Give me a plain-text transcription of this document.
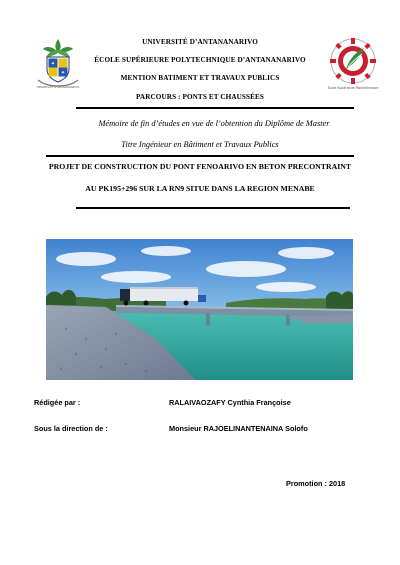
✦
✦
UNIVERSITÉ D'ANTANANARIVO	Ecole Supérieure Polytechnique
UNIVERSITÉ D’ANTANANARIVO
ÉCOLE SUPÉRIEURE POLYTECHNIQUE D’ANTANANARIVO
MENTION BATIMENT ET TRAVAUX PUBLICS
PARCOURS : PONTS ET CHAUSSÉES
Mémoire de fin d’études en vue de l’obtention du Diplôme de Master
Titre Ingénieur en Bâtiment et Travaux Publics
PROJET DE CONSTRUCTION DU PONT FENOARIVO EN BETON PRECONTRAINT
AU PK195+296 SUR LA RN9 SITUE DANS LA REGION MENABE
Rédigée par :	RALAIVAOZAFY Cynthia Françoise
Sous la direction de :	Monsieur RAJOELINANTENAINA Solofo
Promotion : 2018
